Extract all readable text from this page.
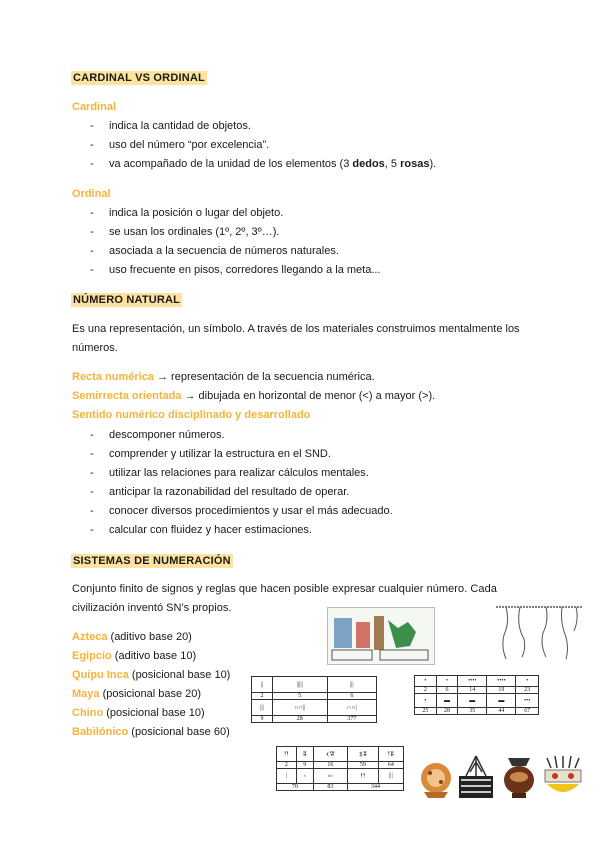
CARDINAL VS ORDINAL
Cardinal
- indica la cantidad de objetos.
- uso del número “por excelencia”.
- va acompañado de la unidad de los elementos (3 dedos, 5 rosas).
Ordinal
- indica la posición o lugar del objeto.
- se usan los ordinales (1º, 2º, 3º…).
- asociada a la secuencia de números naturales.
- uso frecuente en pisos, corredores llegando a la meta...
NÚMERO NATURAL
Es una representación, un símbolo. A través de los materiales construimos mentalmente los
números.
Recta numérica → representación de la secuencia numérica.
Semirrecta orientada → dibujada en horizontal de menor (<) a mayor (>).
Sentido numérico disciplinado y desarrollado
- descomponer números.
- comprender y utilizar la estructura en el SND.
- utilizar las relaciones para realizar cálculos mentales.
- anticipar la razonabilidad del resultado de operar.
- conocer diversos procedimientos y usar el más adecuado.
- calcular con fluidez y hacer estimaciones.
SISTEMAS DE NUMERACIÓN
Conjunto finito de signos y reglas que hacen posible expresar cualquier número. Cada
civilización inventó SN’s propios.
Azteca (aditivo base 20)
Egipcio (aditivo base 10)
Quipu Inca (posicional base 10)
Maya (posicional base 20)
Chino (posicional base 10)
Babilónico (posicional base 60)
||	|||||	|||
2	5	6
|||	∩∩||	∩∩|
9	28	377
•	•	••••	••••	•
2	6	14	19	23
•	▬	▬	▬	•••
25	28	35	44	67
𒁹𒁹	𒐉	𒌋𒐊	𒐏𒐉	𒁹𒐉
2	9	16	59	64
|	‹	«‹	𒁹𒁹	|||
70		83	344	
